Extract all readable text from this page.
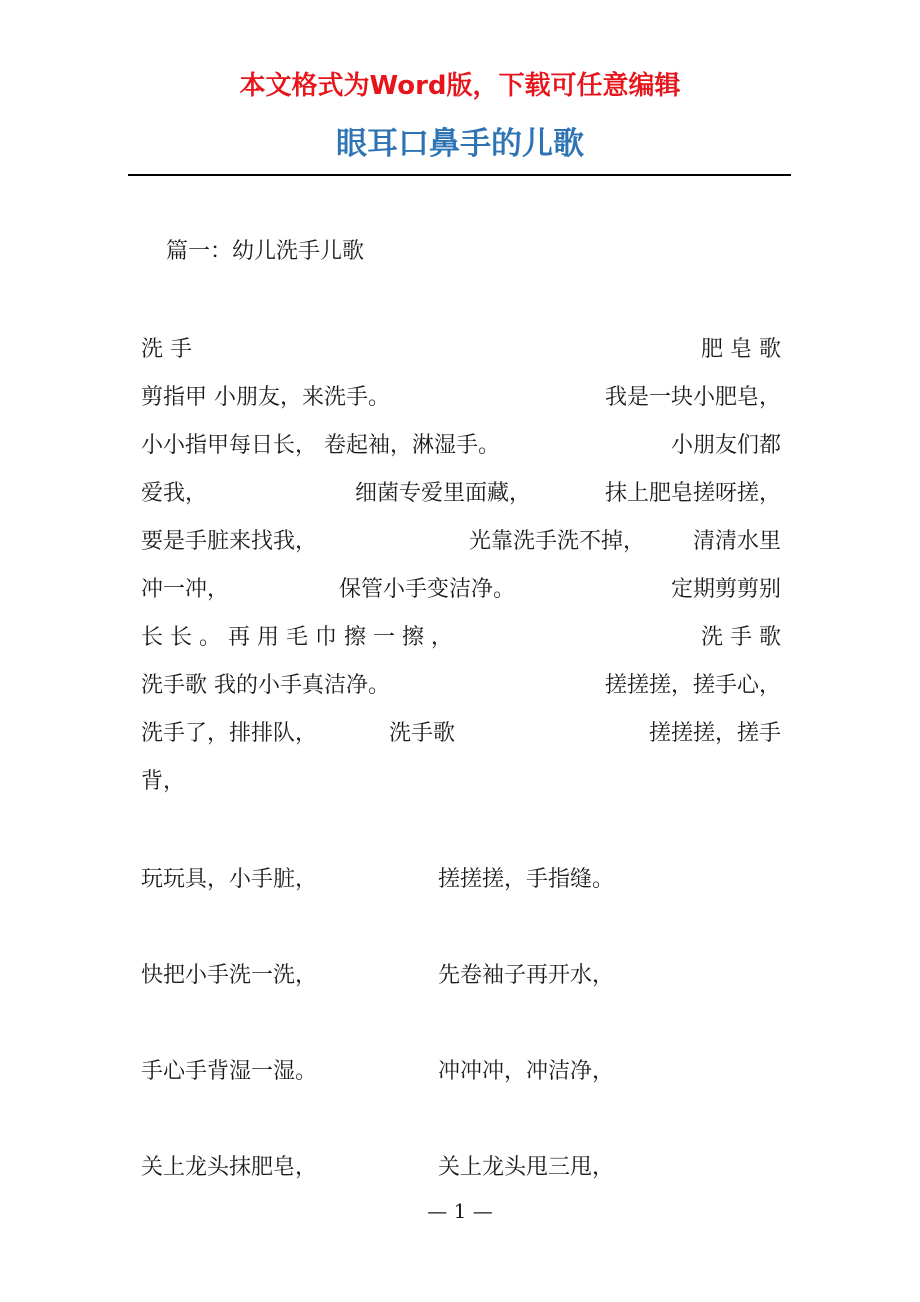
本文格式为Word版，下载可任意编辑
眼耳口鼻手的儿歌
篇一：幼儿洗手儿歌
洗 手	肥 皂 歌
剪指甲 小朋友，来洗手。	我是一块小肥皂，
小小指甲每日长， 卷起袖，淋湿手。	小朋友们都
爱我，	细菌专爱里面藏，	抹上肥皂搓呀搓，
要是手脏来找我，	光靠洗手洗不掉， 清清水里
冲一冲，	保管小手变洁净。	定期剪剪别
长 长 。 再 用 毛 巾 擦 一 擦 ，	洗 手 歌
洗手歌 我的小手真洁净。	搓搓搓，搓手心，
洗手了，排排队，	洗手歌	搓搓搓，搓手
背，
玩玩具，小手脏，	搓搓搓，手指缝。
快把小手洗一洗，	先卷袖子再开水，
手心手背湿一湿。	冲冲冲，冲洁净，
关上龙头抹肥皂，	关上龙头甩三甩，
— 1 —
